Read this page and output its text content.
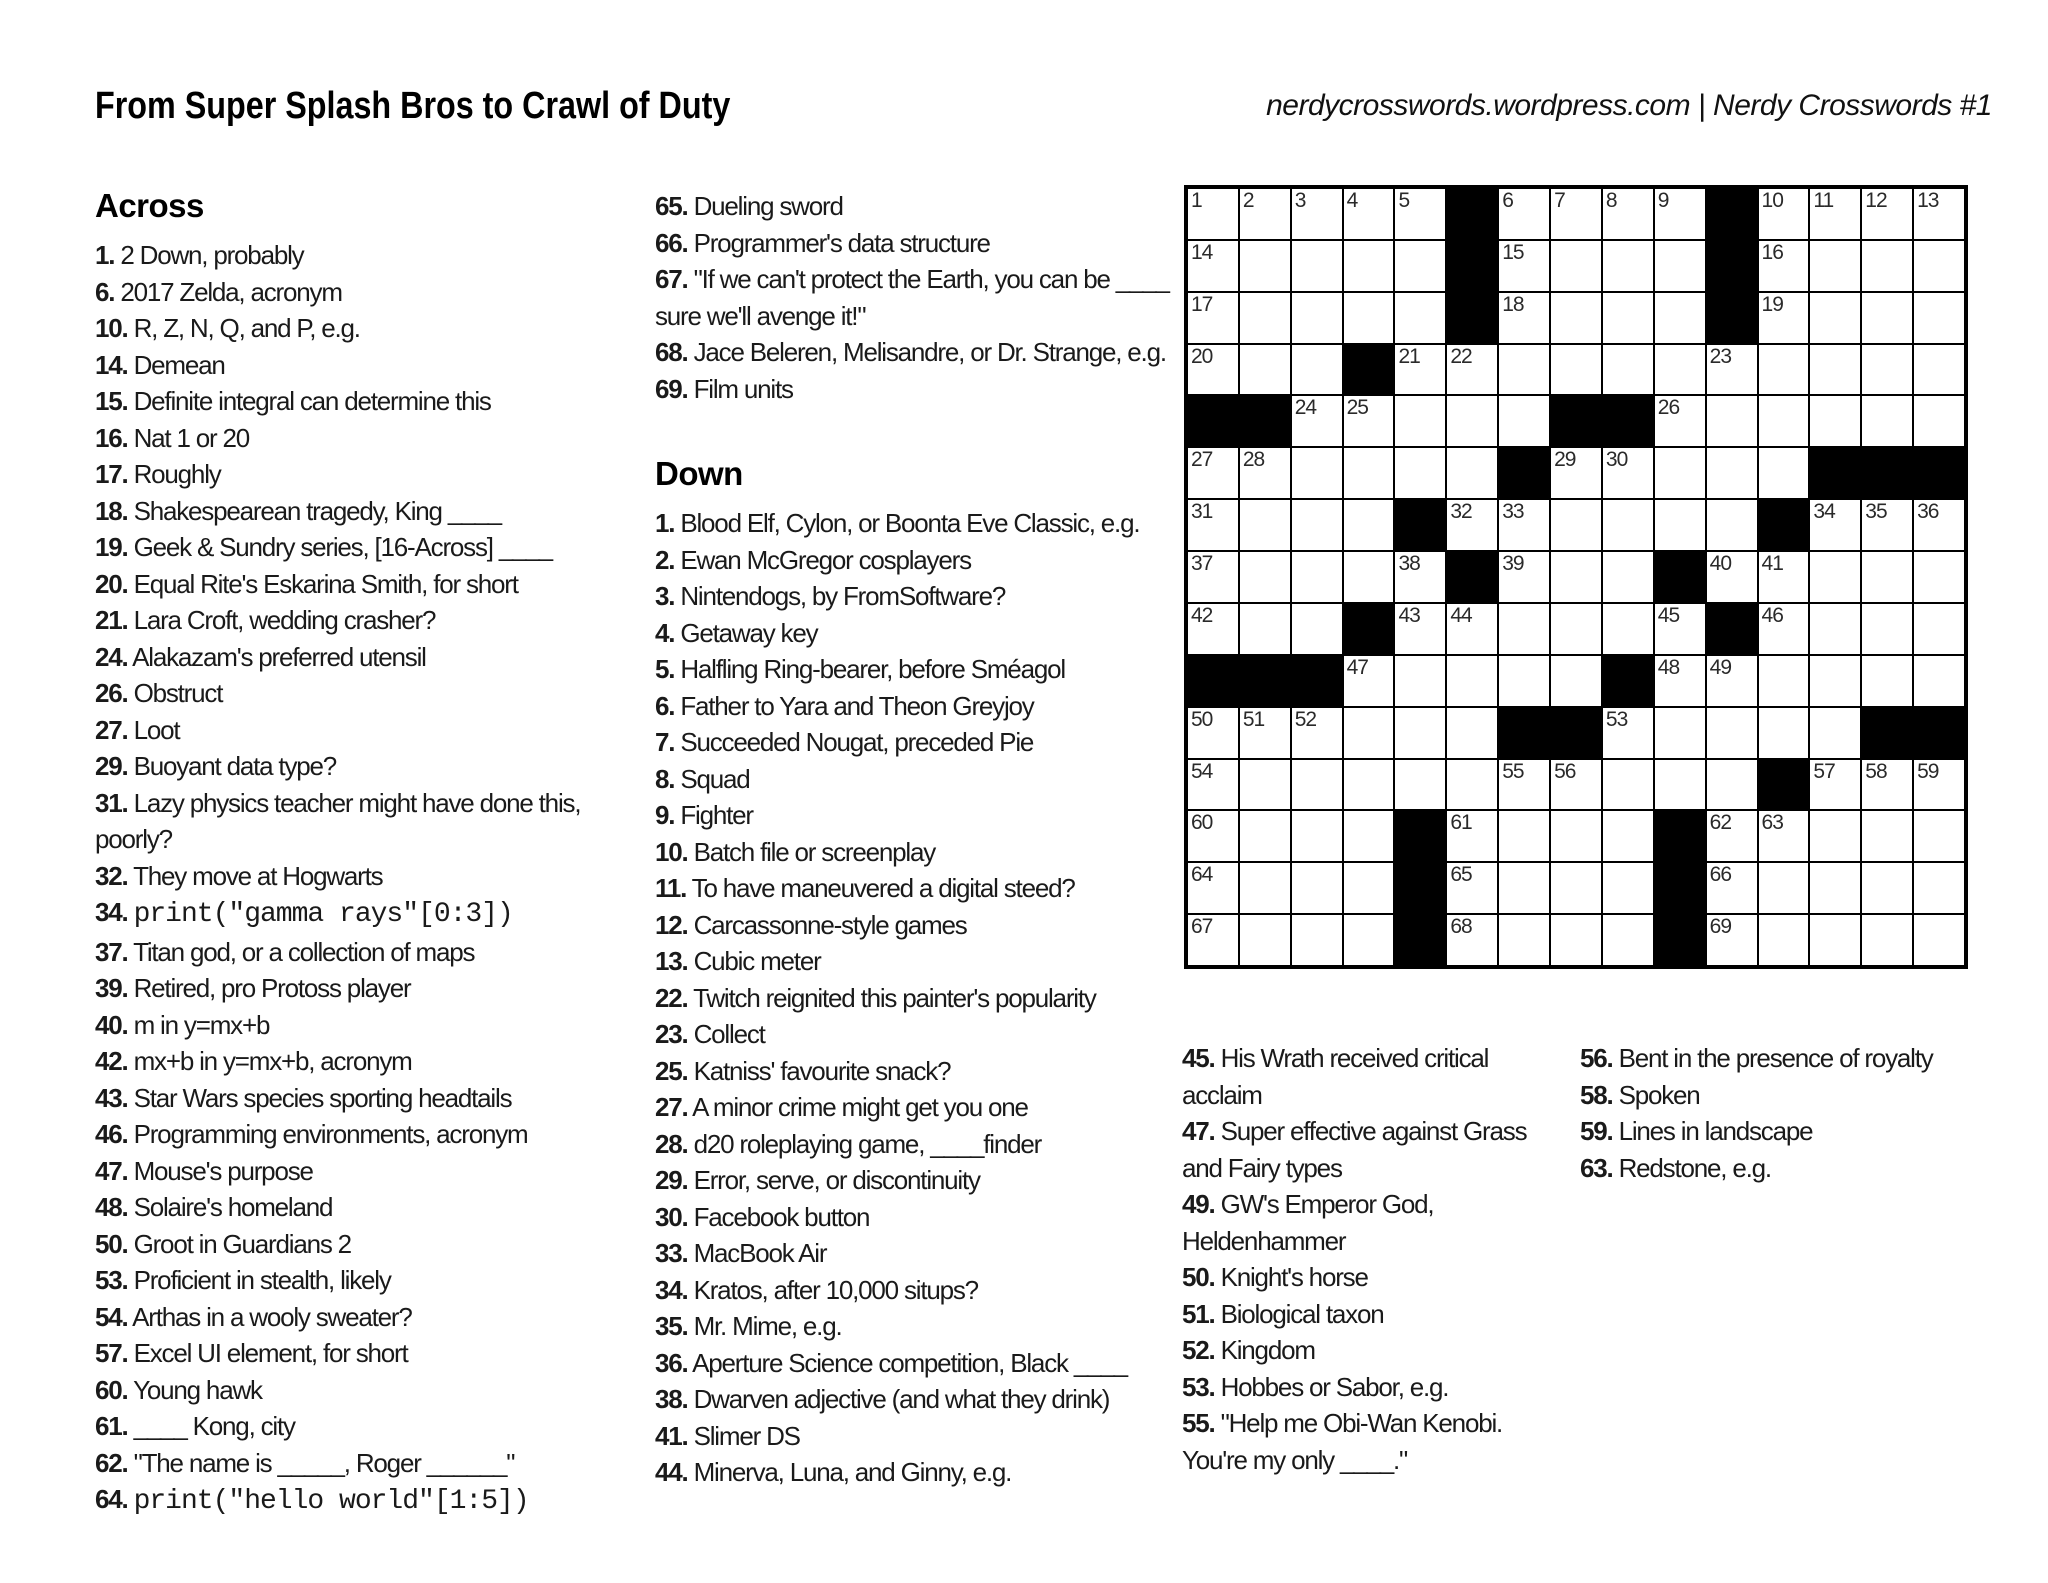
From Super Splash Bros to Crawl of Duty	nerdycrosswords.wordpress.com | Nerdy Crosswords #1
Across
1. 2 Down, probably
6. 2017 Zelda, acronym
10. R, Z, N, Q, and P, e.g.
14. Demean
15. Definite integral can determine this
16. Nat 1 or 20
17. Roughly
18. Shakespearean tragedy, King ____
19. Geek & Sundry series, [16-Across] ____
20. Equal Rite's Eskarina Smith, for short
21. Lara Croft, wedding crasher?
24. Alakazam's preferred utensil
26. Obstruct
27. Loot
29. Buoyant data type?
31. Lazy physics teacher might have done this, poorly?
32. They move at Hogwarts
34. print("gamma rays"[0:3])
37. Titan god, or a collection of maps
39. Retired, pro Protoss player
40. m in y=mx+b
42. mx+b in y=mx+b, acronym
43. Star Wars species sporting headtails
46. Programming environments, acronym
47. Mouse's purpose
48. Solaire's homeland
50. Groot in Guardians 2
53. Proficient in stealth, likely
54. Arthas in a wooly sweater?
57. Excel UI element, for short
60. Young hawk
61. ____ Kong, city
62. "The name is _____, Roger ______"
64. print("hello world"[1:5])
65. Dueling sword
66. Programmer's data structure
67. "If we can't protect the Earth, you can be ____ sure we'll avenge it!"
68. Jace Beleren, Melisandre, or Dr. Strange, e.g.
69. Film units
Down
1. Blood Elf, Cylon, or Boonta Eve Classic, e.g.
2. Ewan McGregor cosplayers
3. Nintendogs, by FromSoftware?
4. Getaway key
5. Halfling Ring-bearer, before Sméagol
6. Father to Yara and Theon Greyjoy
7. Succeeded Nougat, preceded Pie
8. Squad
9. Fighter
10. Batch file or screenplay
11. To have maneuvered a digital steed?
12. Carcassonne-style games
13. Cubic meter
22. Twitch reignited this painter's popularity
23. Collect
25. Katniss' favourite snack?
27. A minor crime might get you one
28. d20 roleplaying game, ____finder
29. Error, serve, or discontinuity
30. Facebook button
33. MacBook Air
34. Kratos, after 10,000 situps?
35. Mr. Mime, e.g.
36. Aperture Science competition, Black ____
38. Dwarven adjective (and what they drink)
41. Slimer DS
44. Minerva, Luna, and Ginny, e.g.
45. His Wrath received critical acclaim
47. Super effective against Grass and Fairy types
49. GW's Emperor God, Heldenhammer
50. Knight's horse
51. Biological taxon
52. Kingdom
53. Hobbes or Sabor, e.g.
55. "Help me Obi-Wan Kenobi. You're my only ____."
56. Bent in the presence of royalty
58. Spoken
59. Lines in landscape
63. Redstone, e.g.
1 2 3 4 5	6 7 8 9	10 11 12 13
14	15	16
17	18	19
20	21 22	23
24 25	26
27 28	29 30
31	32 33	34 35 36
37	38	39	40 41
42	43 44	45	46
47	48 49
50 51 52	53
54	55 56	57 58 59
60	61	62 63
64	65	66
67	68	69
